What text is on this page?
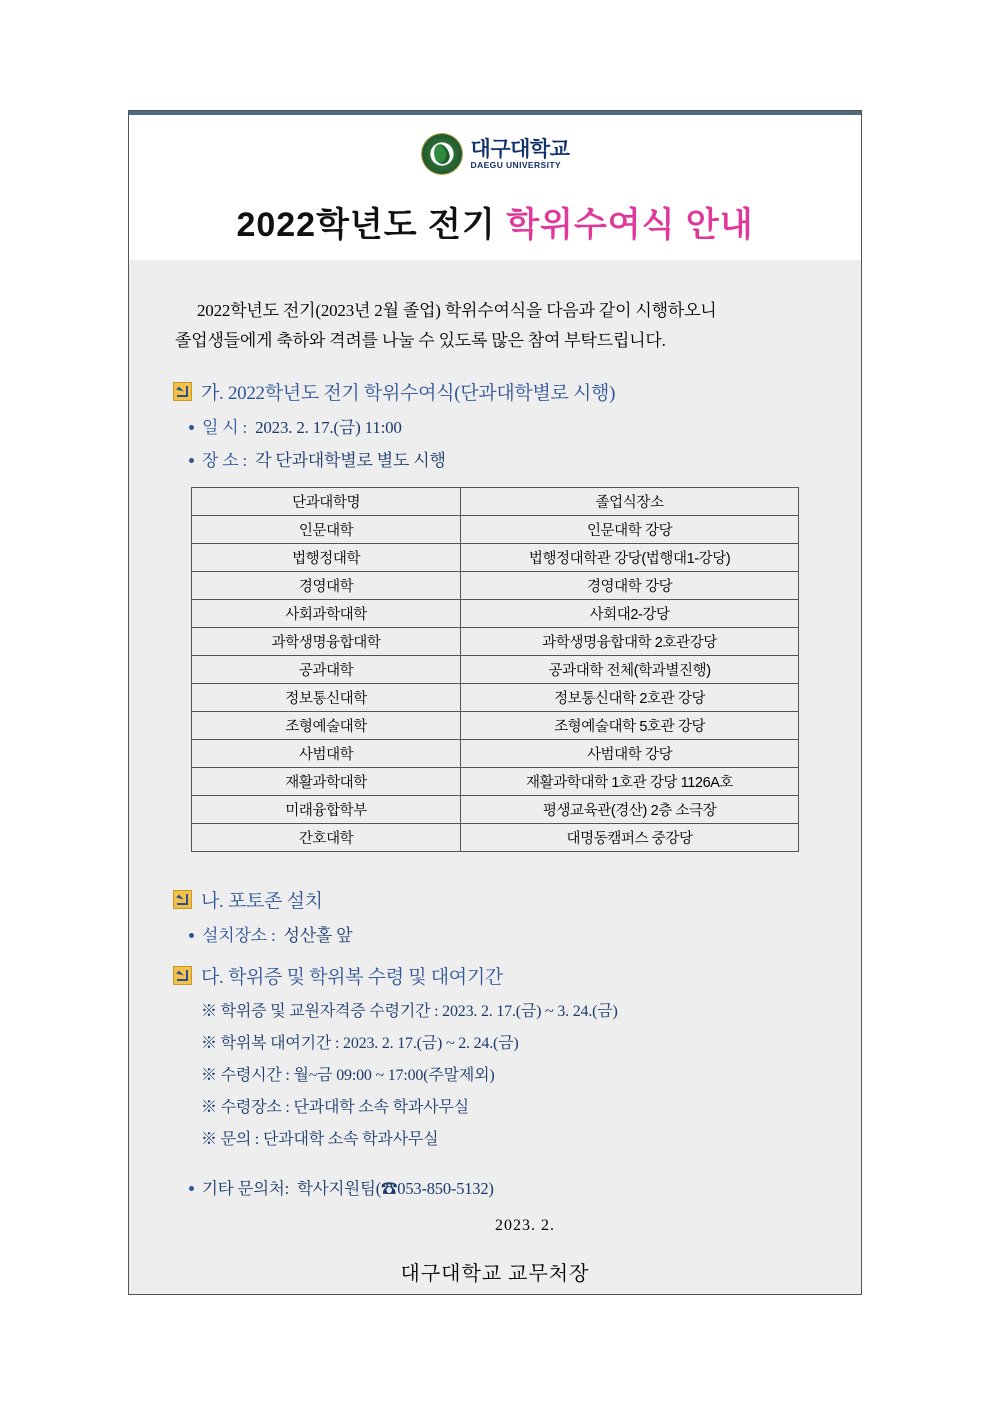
대구대학교
DAEGU UNIVERSITY
2022학년도 전기 학위수여식 안내

2022학년도 전기(2023년 2월 졸업) 학위수여식을 다음과 같이 시행하오니

졸업생들에게 축하와 격려를 나눌 수 있도록 많은 참여 부탁드립니다.

가. 2022학년도 전기 학위수여식(단과대학별로 시행)
일 시 : 2023. 2. 17.(금) 11:00
장 소 : 각 단과대학별로 별도 시행
단과대학명	졸업식장소
인문대학	인문대학 강당
법행정대학	법행정대학관 강당(법행대1-강당)
경영대학	경영대학 강당
사회과학대학	사회대2-강당
과학생명융합대학	과학생명융합대학 2호관강당
공과대학	공과대학 전체(학과별진행)
정보통신대학	정보통신대학 2호관 강당
조형예술대학	조형예술대학 5호관 강당
사범대학	사범대학 강당
재활과학대학	재활과학대학 1호관 강당 1126A호
미래융합학부	평생교육관(경산) 2층 소극장
간호대학	대명동캠퍼스 중강당
나. 포토존 설치
설치장소 : 성산홀 앞
다. 학위증 및 학위복 수령 및 대여기간
※ 학위증 및 교원자격증 수령기간 : 2023. 2. 17.(금) ~ 3. 24.(금)
※ 학위복 대여기간 : 2023. 2. 17.(금) ~ 2. 24.(금)
※ 수령시간 : 월~금 09:00 ~ 17:00(주말제외)
※ 수령장소 : 단과대학 소속 학과사무실
※ 문의 : 단과대학 소속 학과사무실
기타 문의처: 학사지원팀(☎053-850-5132)
2023. 2.
대구대학교 교무처장
